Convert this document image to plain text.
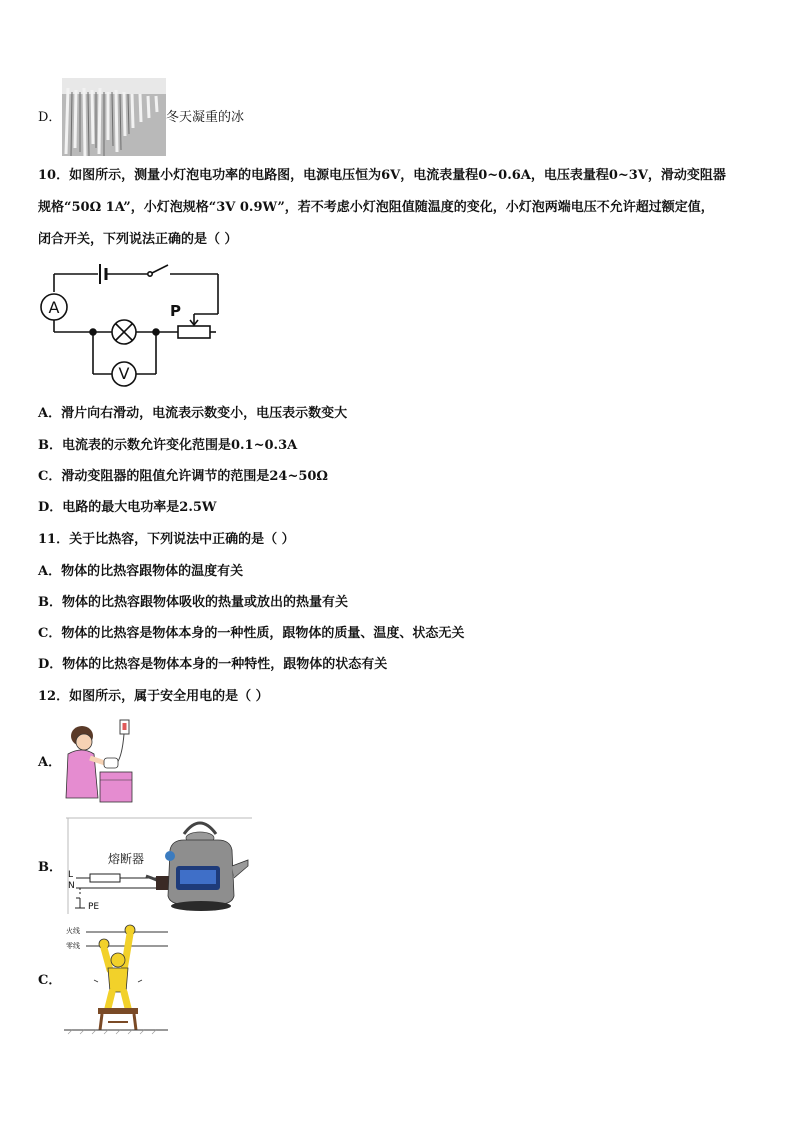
D．	冬天凝重的冰
10．如图所示，测量小灯泡电功率的电路图，电源电压恒为6V，电流表量程0~0.6A，电压表量程0~3V，滑动变阻器
规格“50Ω 1A”，小灯泡规格“3V 0.9W”，若不考虑小灯泡阻值随温度的变化，小灯泡两端电压不允许超过额定值，
闭合开关，下列说法正确的是（ ）
A
V
P
A．滑片向右滑动，电流表示数变小，电压表示数变大
B．电流表的示数允许变化范围是0.1~0.3A
C．滑动变阻器的阻值允许调节的范围是24~50Ω
D．电路的最大电功率是2.5W
11．关于比热容，下列说法中正确的是（ ）
A．物体的比热容跟物体的温度有关
B．物体的比热容跟物体吸收的热量或放出的热量有关
C．物体的比热容是物体本身的一种性质，跟物体的质量、温度、状态无关
D．物体的比热容是物体本身的一种特性，跟物体的状态有关
12．如图所示，属于安全用电的是（ ）
A．
B．
熔断器
L
N
PE
C．
火线
零线
